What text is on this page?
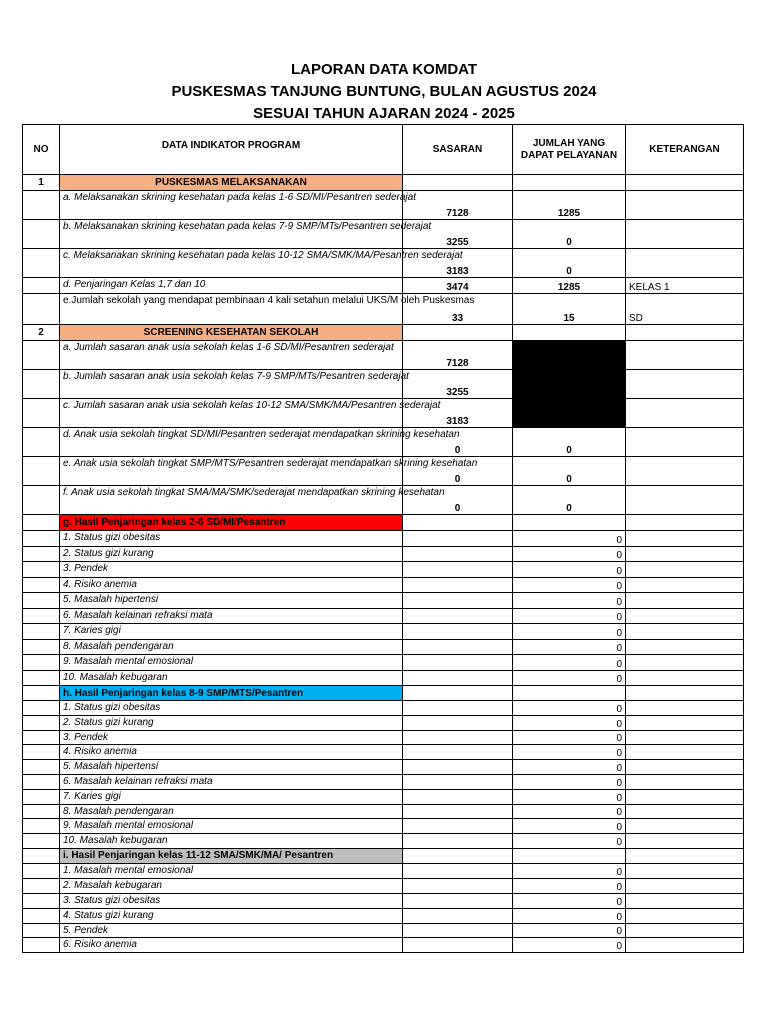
LAPORAN DATA KOMDAT
PUSKESMAS TANJUNG BUNTUNG, BULAN AGUSTUS 2024
SESUAI TAHUN AJARAN 2024 - 2025
NO	DATA INDIKATOR PROGRAM	SASARAN	JUMLAH YANG DAPAT PELAYANAN	KETERANGAN
1	PUSKESMAS MELAKSANAKAN			
	a. Melaksanakan skrining kesehatan pada kelas 1-6 SD/MI/Pesantren sederajat	7128	1285	
	b. Melaksanakan skrining kesehatan pada kelas 7-9 SMP/MTs/Pesantren sederajat	3255	0	
	c. Melaksanakan skrining kesehatan pada kelas 10-12 SMA/SMK/MA/Pesantren sederajat	3183	0	
	d. Penjaringan Kelas 1,7 dan 10	3474	1285	KELAS 1
	e.Jumlah sekolah yang mendapat pembinaan 4 kali setahun melalui UKS/M oleh Puskesmas	33	15	SD
2	SCREENING KESEHATAN SEKOLAH			
	a. Jumlah sasaran anak usia sekolah kelas 1-6 SD/MI/Pesantren sederajat	7128		
	b. Jumlah sasaran anak usia sekolah kelas 7-9 SMP/MTs/Pesantren sederajat	3255		
	c. Jumlah sasaran anak usia sekolah kelas 10-12 SMA/SMK/MA/Pesantren sederajat	3183		
	d. Anak usia sekolah tingkat SD/MI/Pesantren sederajat mendapatkan skrining kesehatan	0	0	
	e. Anak usia sekolah tingkat SMP/MTS/Pesantren sederajat mendapatkan skrining kesehatan	0	0	
	f. Anak usia sekolah tingkat SMA/MA/SMK/sederajat mendapatkan skrining kesehatan	0	0	
	g. Hasil Penjaringan kelas 2-6 SD/MI/Pesantren			
	1. Status gizi obesitas		0	
	2. Status gizi kurang		0	
	3. Pendek		0	
	4. Risiko anemia		0	
	5. Masalah hipertensi		0	
	6. Masalah kelainan refraksi mata		0	
	7. Karies gigi		0	
	8. Masalah pendengaran		0	
	9. Masalah mental emosional		0	
	10. Masalah kebugaran		0	
	h. Hasil Penjaringan kelas 8-9 SMP/MTS/Pesantren			
	1. Status gizi obesitas		0	
	2. Status gizi kurang		0	
	3. Pendek		0	
	4. Risiko anemia		0	
	5. Masalah hipertensi		0	
	6. Masalah kelainan refraksi mata		0	
	7. Karies gigi		0	
	8. Masalah pendengaran		0	
	9. Masalah mental emosional		0	
	10. Masalah kebugaran		0	
	i. Hasil Penjaringan kelas 11-12 SMA/SMK/MA/ Pesantren			
	1. Masalah mental emosional		0	
	2. Masalah kebugaran		0	
	3. Status gizi obesitas		0	
	4. Status gizi kurang		0	
	5. Pendek		0	
	6. Risiko anemia		0	
